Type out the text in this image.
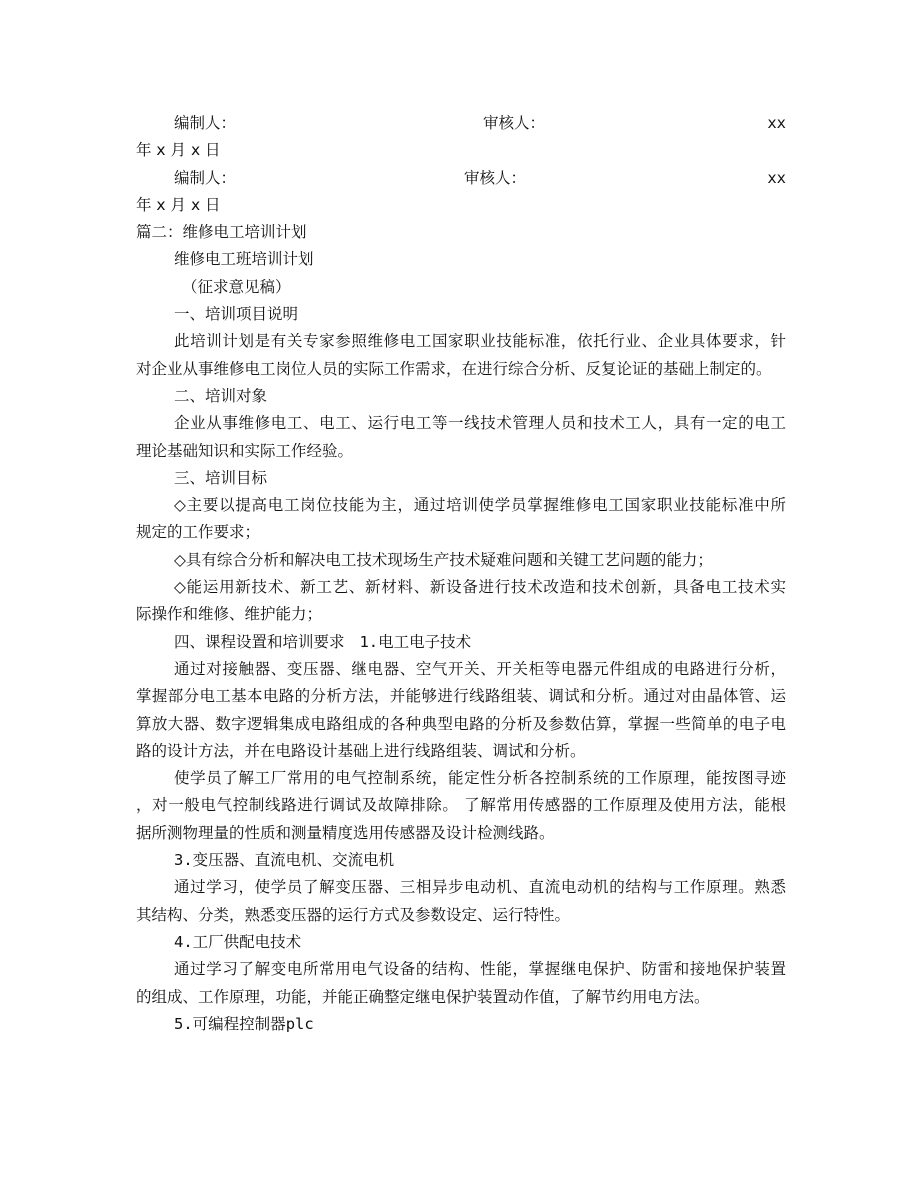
编制人：	审核人：	xx
年 x 月 x 日
编制人：	审核人：	xx
年 x 月 x 日
篇二：维修电工培训计划
维修电工班培训计划
（征求意见稿）
一、培训项目说明
此培训计划是有关专家参照维修电工国家职业技能标准，依托行业、企业具体要求，针
对企业从事维修电工岗位人员的实际工作需求，在进行综合分析、反复论证的基础上制定的。
二、培训对象
企业从事维修电工、电工、运行电工等一线技术管理人员和技术工人，具有一定的电工
理论基础知识和实际工作经验。
三、培训目标
◇主要以提高电工岗位技能为主，通过培训使学员掌握维修电工国家职业技能标准中所
规定的工作要求；
◇具有综合分析和解决电工技术现场生产技术疑难问题和关键工艺问题的能力；
◇能运用新技术、新工艺、新材料、新设备进行技术改造和技术创新，具备电工技术实
际操作和维修、维护能力；
四、课程设置和培训要求 1.电工电子技术
通过对接触器、变压器、继电器、空气开关、开关柜等电器元件组成的电路进行分析，
掌握部分电工基本电路的分析方法，并能够进行线路组装、调试和分析。通过对由晶体管、运
算放大器、数字逻辑集成电路组成的各种典型电路的分析及参数估算，掌握一些简单的电子电
路的设计方法，并在电路设计基础上进行线路组装、调试和分析。
使学员了解工厂常用的电气控制系统，能定性分析各控制系统的工作原理，能按图寻迹
，对一般电气控制线路进行调试及故障排除。 了解常用传感器的工作原理及使用方法，能根
据所测物理量的性质和测量精度选用传感器及设计检测线路。
3.变压器、直流电机、交流电机
通过学习，使学员了解变压器、三相异步电动机、直流电动机的结构与工作原理。熟悉
其结构、分类，熟悉变压器的运行方式及参数设定、运行特性。
4.工厂供配电技术
通过学习了解变电所常用电气设备的结构、性能，掌握继电保护、防雷和接地保护装置
的组成、工作原理，功能，并能正确整定继电保护装置动作值，了解节约用电方法。
5.可编程控制器plc
